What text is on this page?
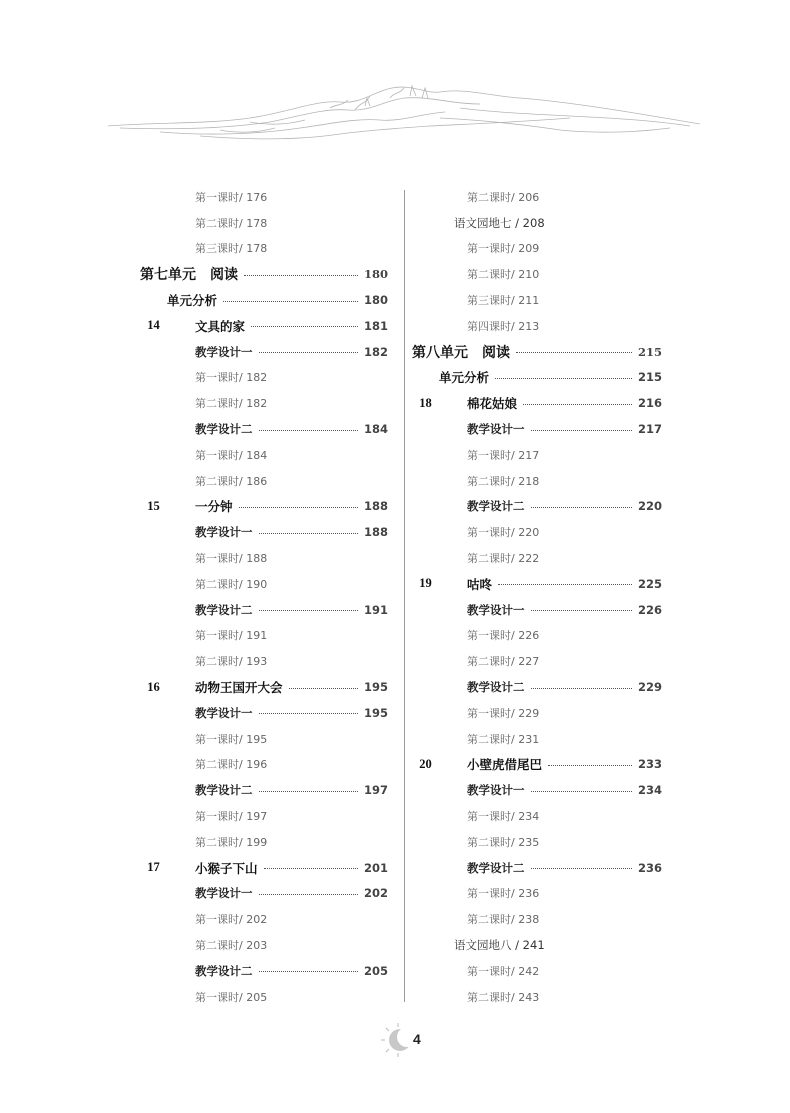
第一课时/ 176
第二课时/ 178
第三课时/ 178
第七单元 阅读	180
单元分析	180
14	文具的家	181
教学设计一	182
第一课时/ 182
第二课时/ 182
教学设计二	184
第一课时/ 184
第二课时/ 186
15	一分钟	188
教学设计一	188
第一课时/ 188
第二课时/ 190
教学设计二	191
第一课时/ 191
第二课时/ 193
16	动物王国开大会	195
教学设计一	195
第一课时/ 195
第二课时/ 196
教学设计二	197
第一课时/ 197
第二课时/ 199
17	小猴子下山	201
教学设计一	202
第一课时/ 202
第二课时/ 203
教学设计二	205
第一课时/ 205
第二课时/ 206
语文园地七 / 208
第一课时/ 209
第二课时/ 210
第三课时/ 211
第四课时/ 213
第八单元 阅读	215
单元分析	215
18	棉花姑娘	216
教学设计一	217
第一课时/ 217
第二课时/ 218
教学设计二	220
第一课时/ 220
第二课时/ 222
19	咕咚	225
教学设计一	226
第一课时/ 226
第二课时/ 227
教学设计二	229
第一课时/ 229
第二课时/ 231
20	小壁虎借尾巴	233
教学设计一	234
第一课时/ 234
第二课时/ 235
教学设计二	236
第一课时/ 236
第二课时/ 238
语文园地八 / 241
第一课时/ 242
第二课时/ 243
4
